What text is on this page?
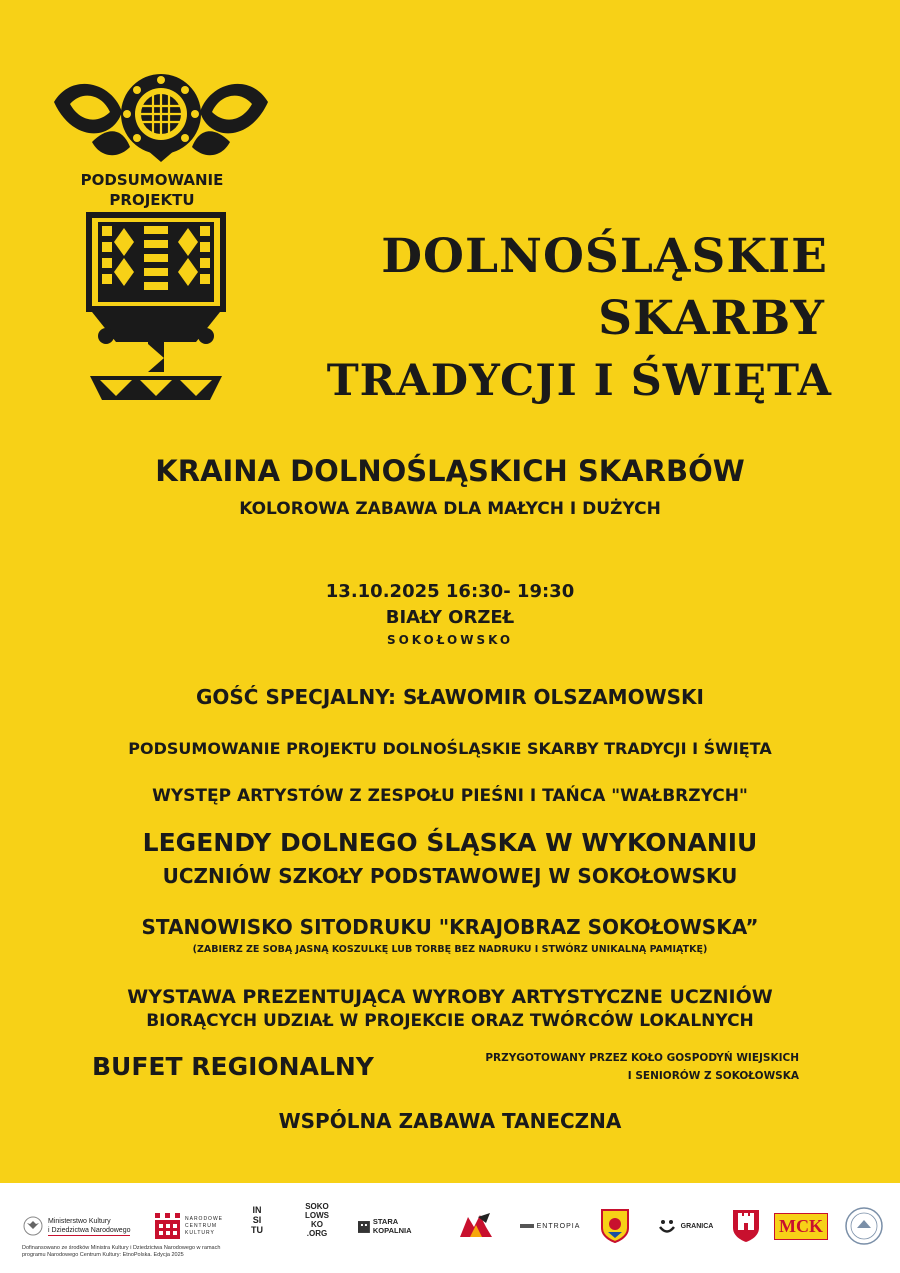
PODSUMOWANIE
PROJEKTU
DOLNOŚLĄSKIE
SKARBY
TRADYCJI I ŚWIĘTA
KRAINA DOLNOŚLĄSKICH SKARBÓW
KOLOROWA ZABAWA DLA MAŁYCH I DUŻYCH
13.10.2025 16:30- 19:30
BIAŁY ORZEŁ
SOKOŁOWSKO
GOŚĆ SPECJALNY: SŁAWOMIR OLSZAMOWSKI
PODSUMOWANIE PROJEKTU DOLNOŚLĄSKIE SKARBY TRADYCJI I ŚWIĘTA
WYSTĘP ARTYSTÓW Z ZESPOŁU PIEŚNI I TAŃCA "WAŁBRZYCH"
LEGENDY DOLNEGO ŚLĄSKA W WYKONANIU
UCZNIÓW SZKOŁY PODSTAWOWEJ W SOKOŁOWSKU
STANOWISKO SITODRUKU "KRAJOBRAZ SOKOŁOWSKA”
(ZABIERZ ZE SOBĄ JASNĄ KOSZULKĘ LUB TORBĘ BEZ NADRUKU I STWÓRZ UNIKALNĄ PAMIĄTKĘ)
WYSTAWA PREZENTUJĄCA WYROBY ARTYSTYCZNE UCZNIÓW
BIORĄCYCH UDZIAŁ W PROJEKCIE ORAZ TWÓRCÓW LOKALNYCH
BUFET REGIONALNY	PRZYGOTOWANY PRZEZ KOŁO GOSPODYŃ WIEJSKICH
I SENIORÓW Z SOKOŁOWSKA
WSPÓLNA ZABAWA TANECZNA
Ministerstwo Kultury
i Dziedzictwa Narodowego
Dofinansowano ze środków Ministra Kultury i Dziedzictwa Narodowego w ramach programu Narodowego Centrum Kultury: EtnoPolska. Edycja 2025
NARODOWE
CENTRUM
KULTURY
IN SI TU
SOKO LOWS KO .ORG
STARA KOPALNIA	ENTROPIA	GRANICA	MCK
